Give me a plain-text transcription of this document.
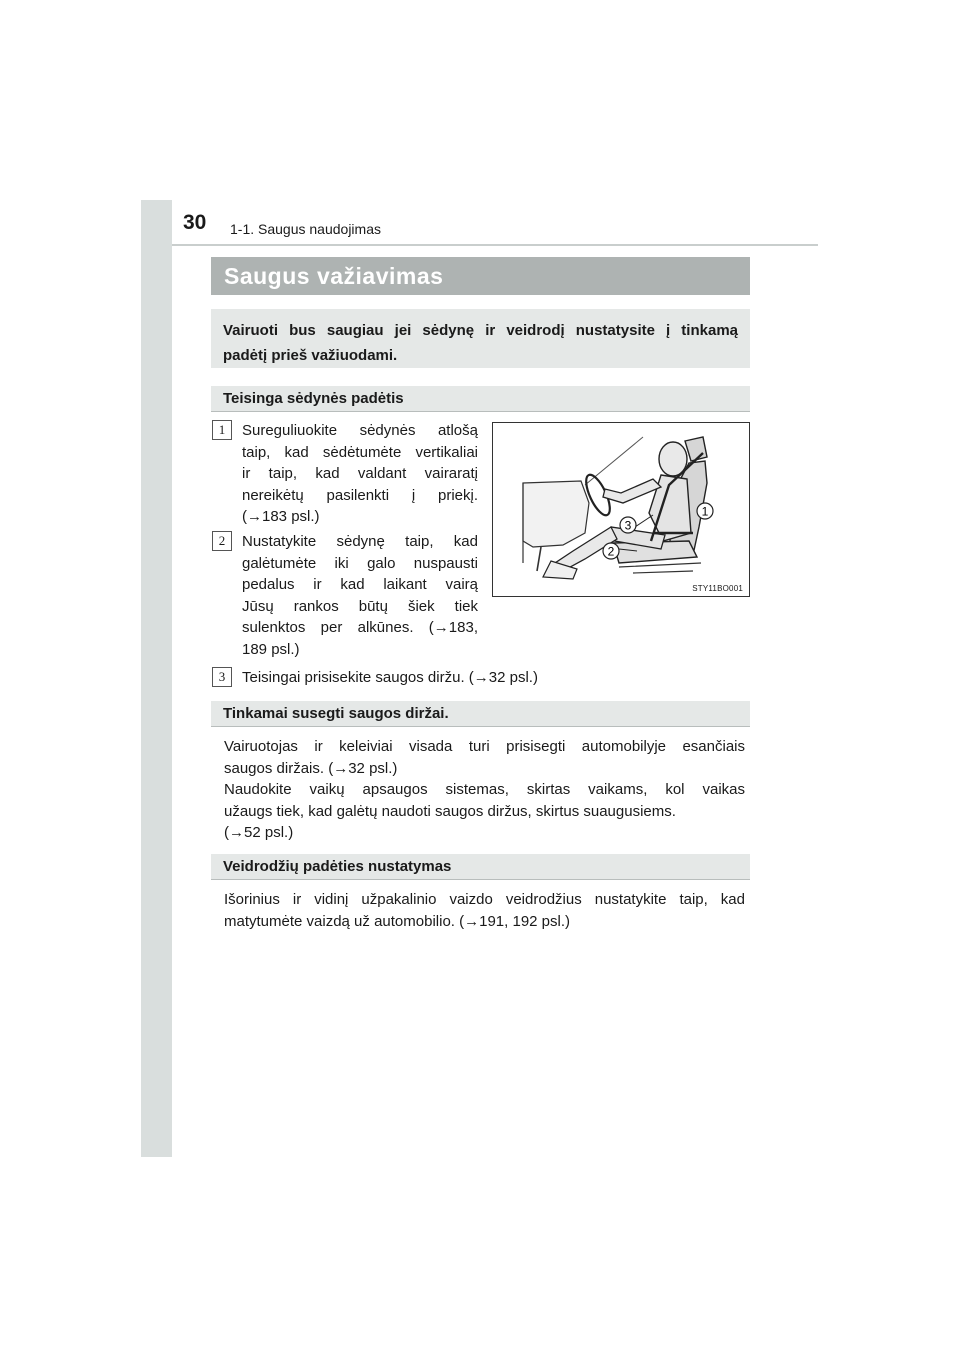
30 1-1. Saugus naudojimas
Saugus važiavimas
Vairuoti bus saugiau jei sėdynę ir veidrodį nustatysite į tinkamą
padėtį prieš važiuodami.
Teisinga sėdynės padėtis
1	Sureguliuokite sėdynės atlošą
taip, kad sėdėtumėte vertikaliai
ir taip, kad valdant vairaratį
nereikėtų pasilenkti į priekį.
(→183 psl.)
2	Nustatykite sėdynę taip, kad
galėtumėte iki galo nuspausti
pedalus ir kad laikant vairą
Jūsų rankos būtų šiek tiek
sulenktos per alkūnes. (→183,
189 psl.)
3	Teisingai prisisekite saugos diržu. (→32 psl.)
3
1
2
STY11BO001
Tinkamai susegti saugos diržai.
Vairuotojas ir keleiviai visada turi prisisegti automobilyje esančiais
saugos diržais. (→32 psl.)
Naudokite vaikų apsaugos sistemas, skirtas vaikams, kol vaikas
užaugs tiek, kad galėtų naudoti saugos diržus, skirtus suaugusiems.
(→52 psl.)
Veidrodžių padėties nustatymas
Išorinius ir vidinį užpakalinio vaizdo veidrodžius nustatykite taip, kad
matytumėte vaizdą už automobilio. (→191, 192 psl.)
